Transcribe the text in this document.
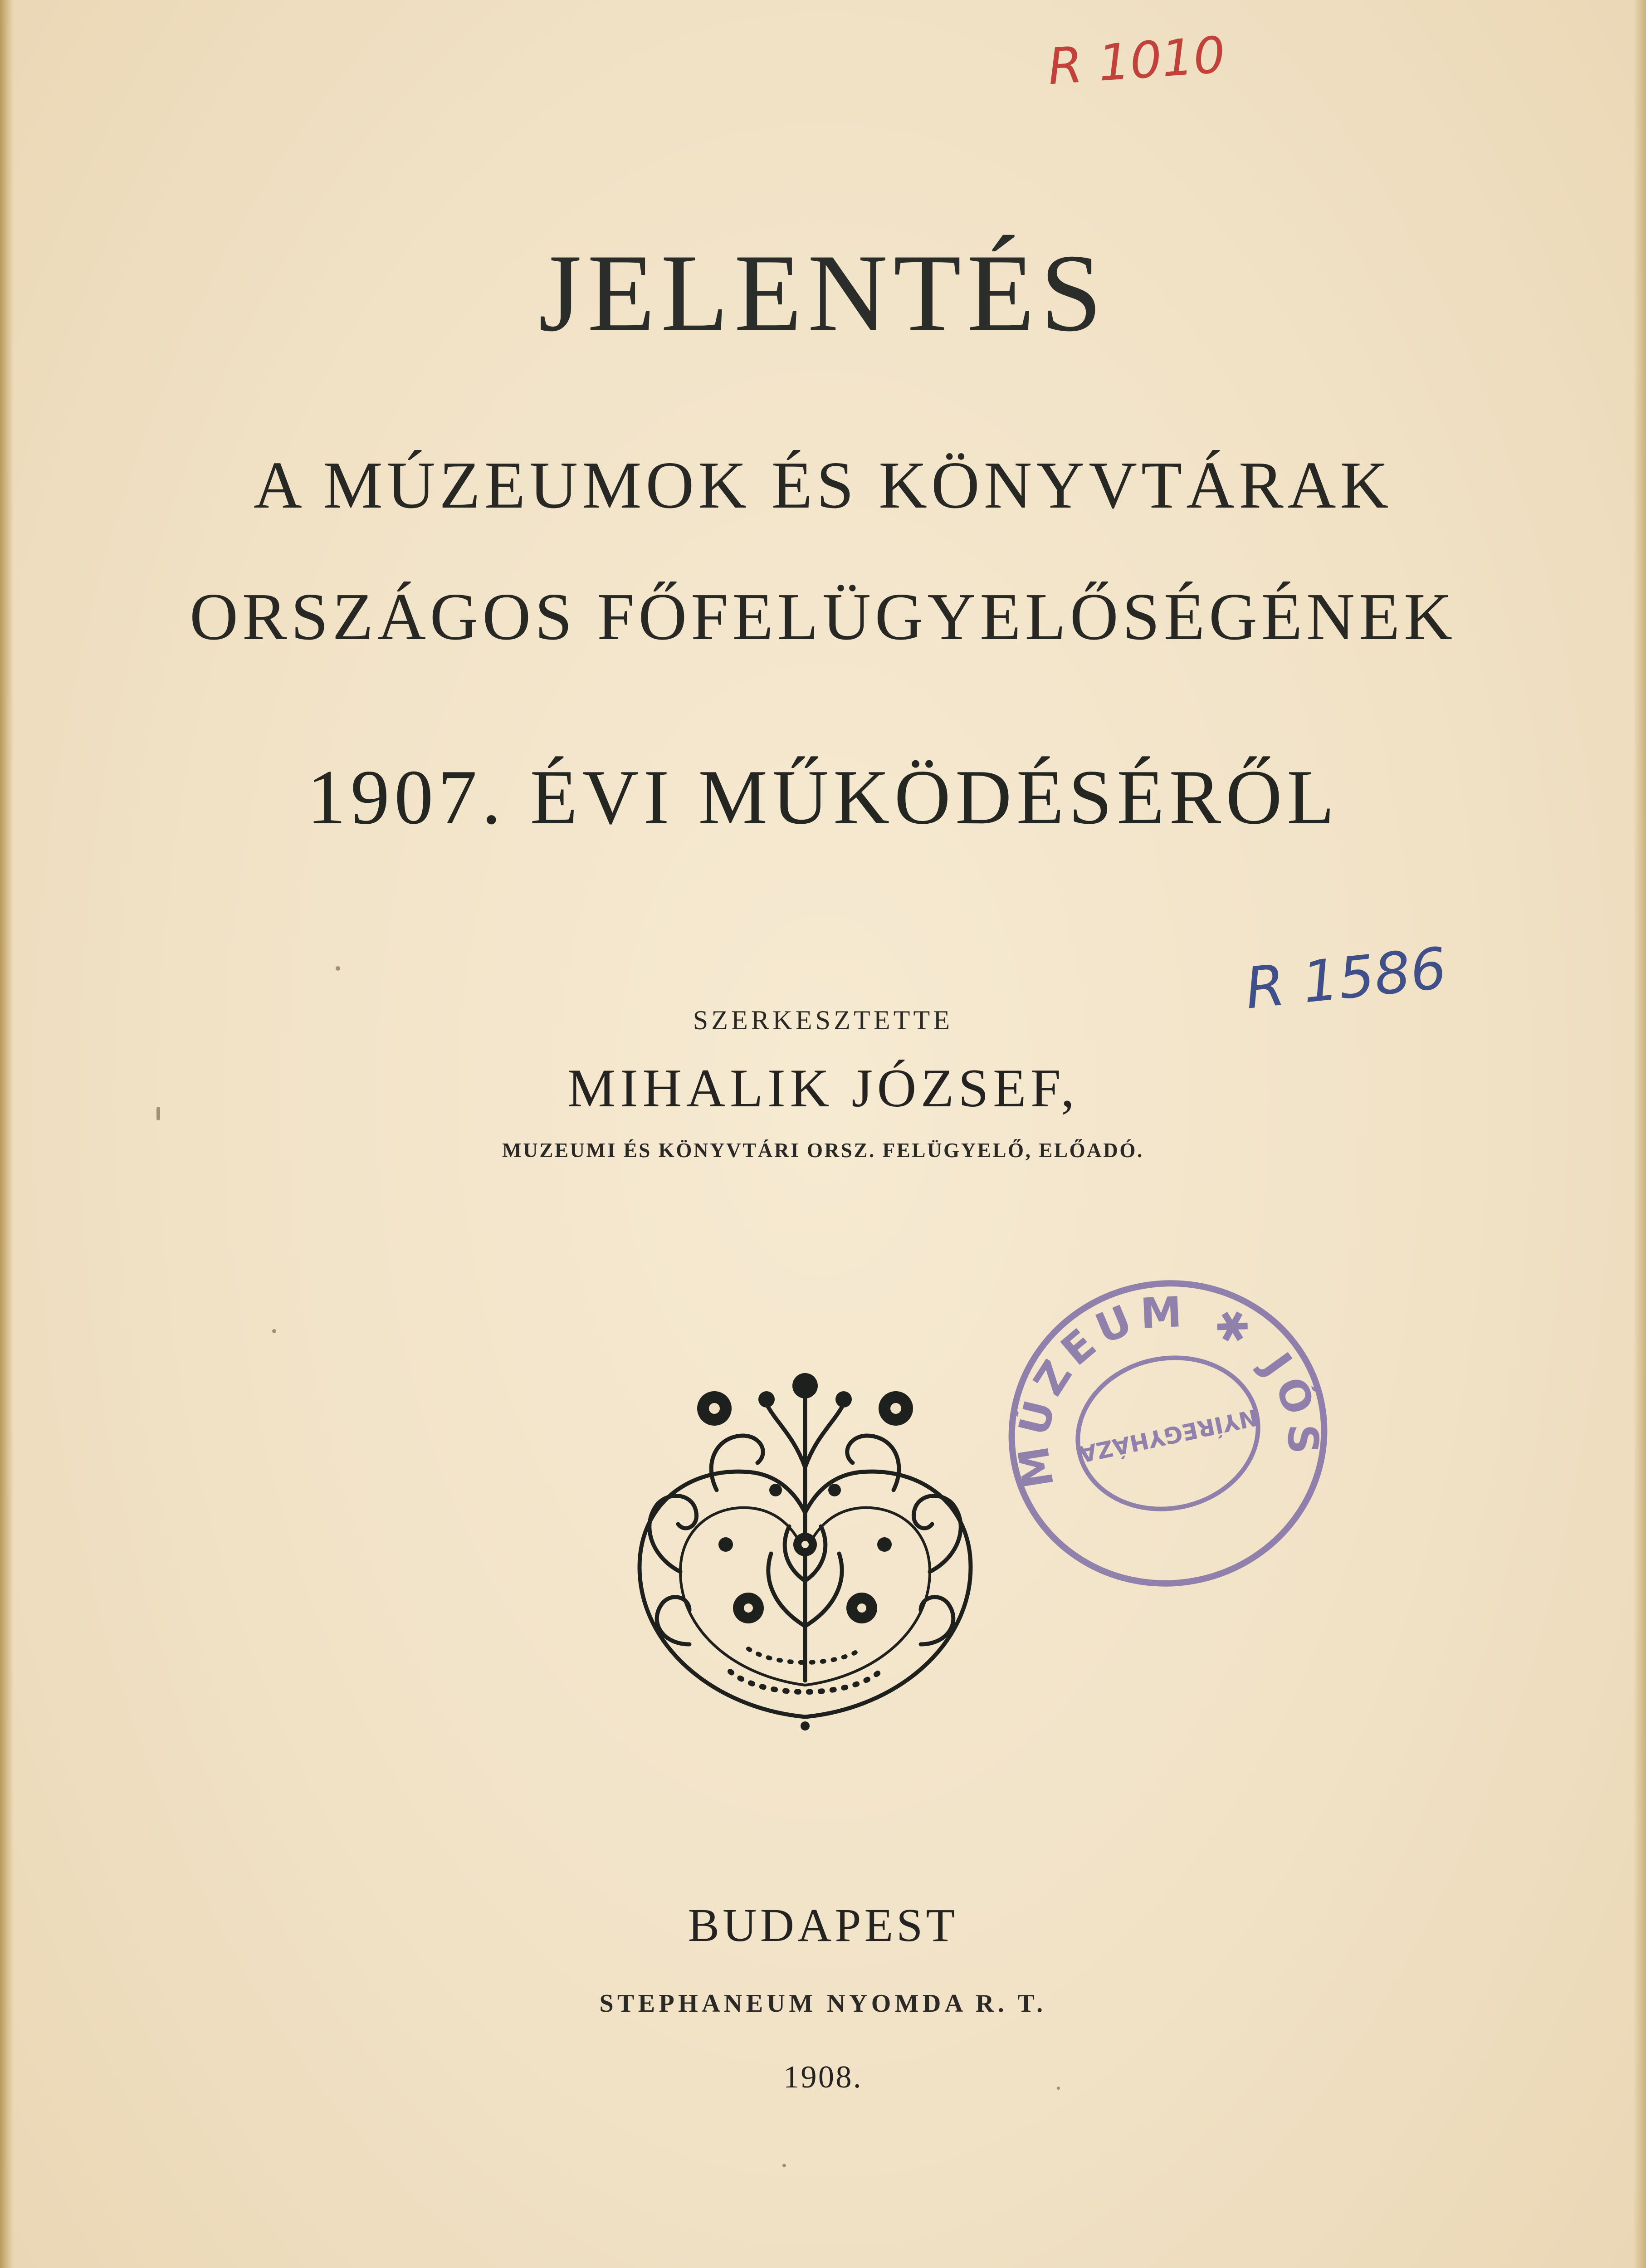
R 1010
JELENTÉS
A MÚZEUMOK ÉS KÖNYVTÁRAK
ORSZÁGOS FŐFELÜGYELŐSÉGÉNEK
1907. ÉVI MŰKÖDÉSÉRŐL
R 1586
SZERKESZTETTE
MIHALIK JÓZSEF,
MUZEUMI ÉS KÖNYVTÁRI ORSZ. FELÜGYELŐ, ELŐADÓ.
MÚZEUM ✱ JÓSA
NYÍREGYHÁZA
BUDAPEST
STEPHANEUM NYOMDA R. T.
1908.
